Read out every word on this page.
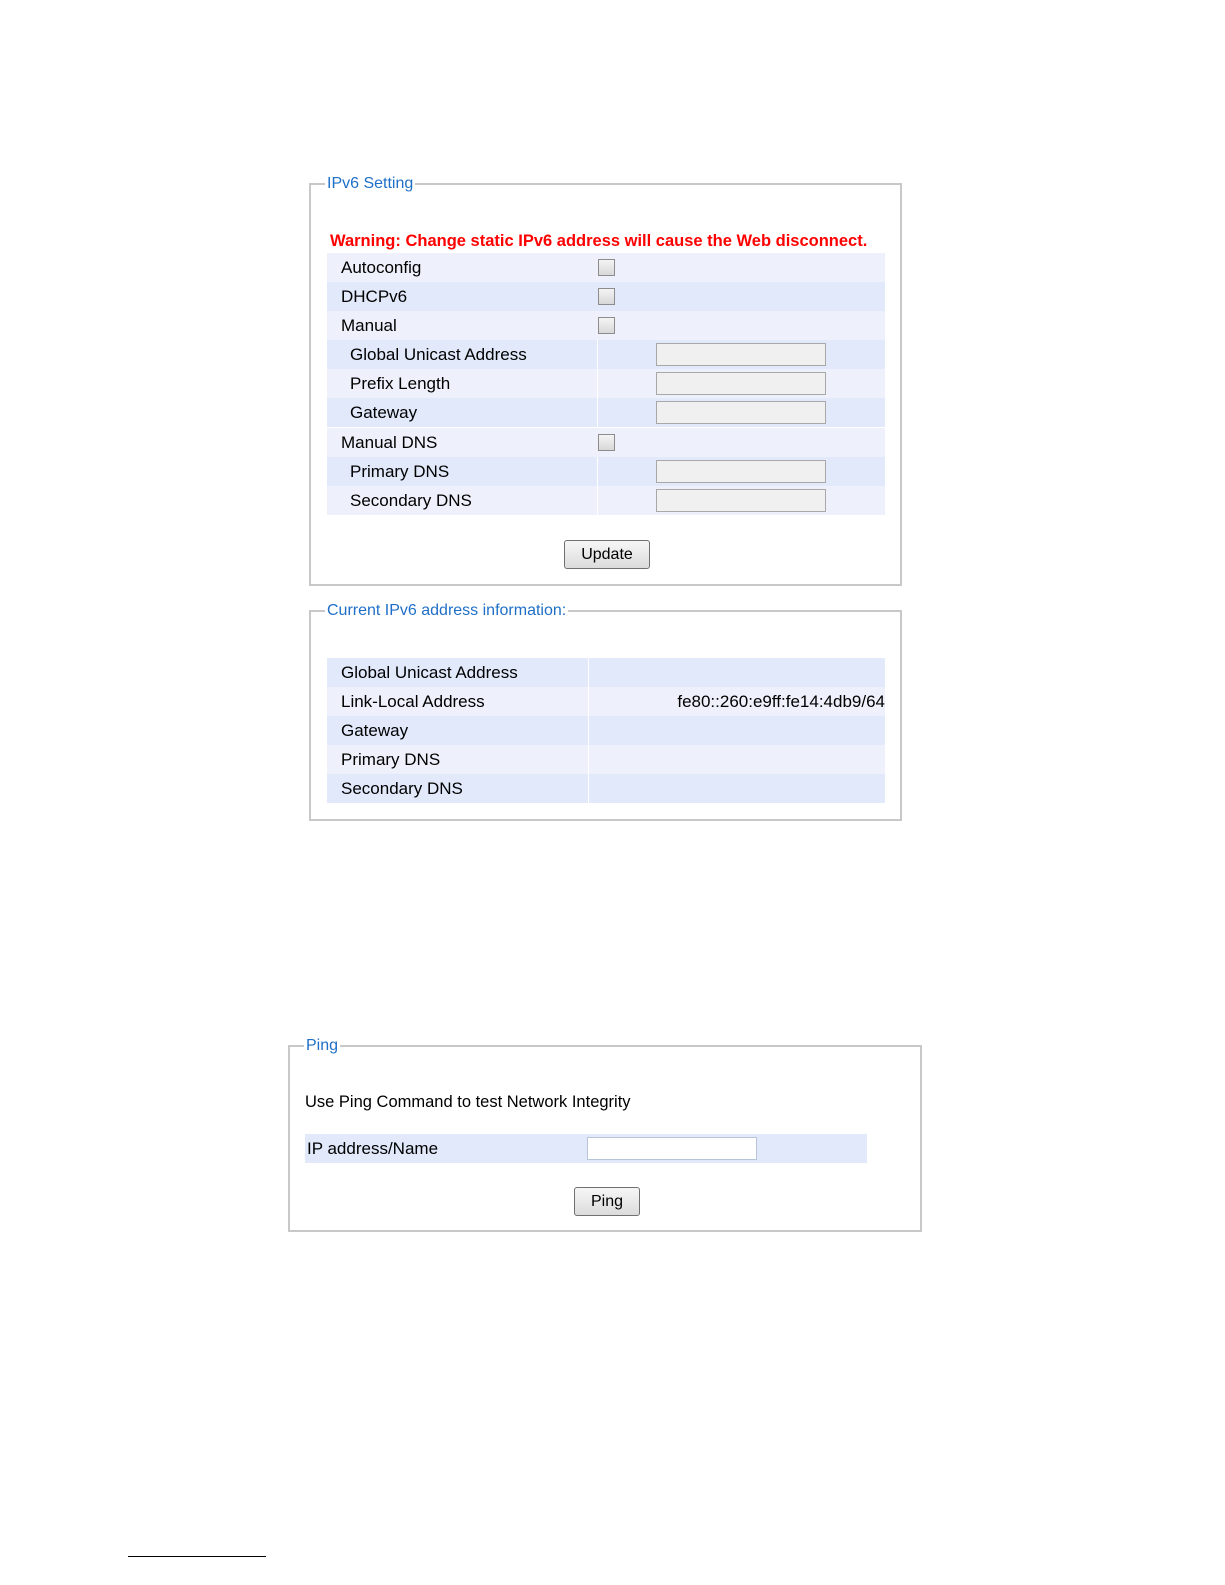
IPv6 Setting
Warning: Change static IPv6 address will cause the Web disconnect.
Autoconfig
DHCPv6
Manual
Global Unicast Address
Prefix Length
Gateway
Manual DNS
Primary DNS
Secondary DNS
Update
Current IPv6 address information:
Global Unicast Address
Link-Local Address	fe80::260:e9ff:fe14:4db9/64
Gateway
Primary DNS
Secondary DNS
Ping
Use Ping Command to test Network Integrity
IP address/Name
Ping
